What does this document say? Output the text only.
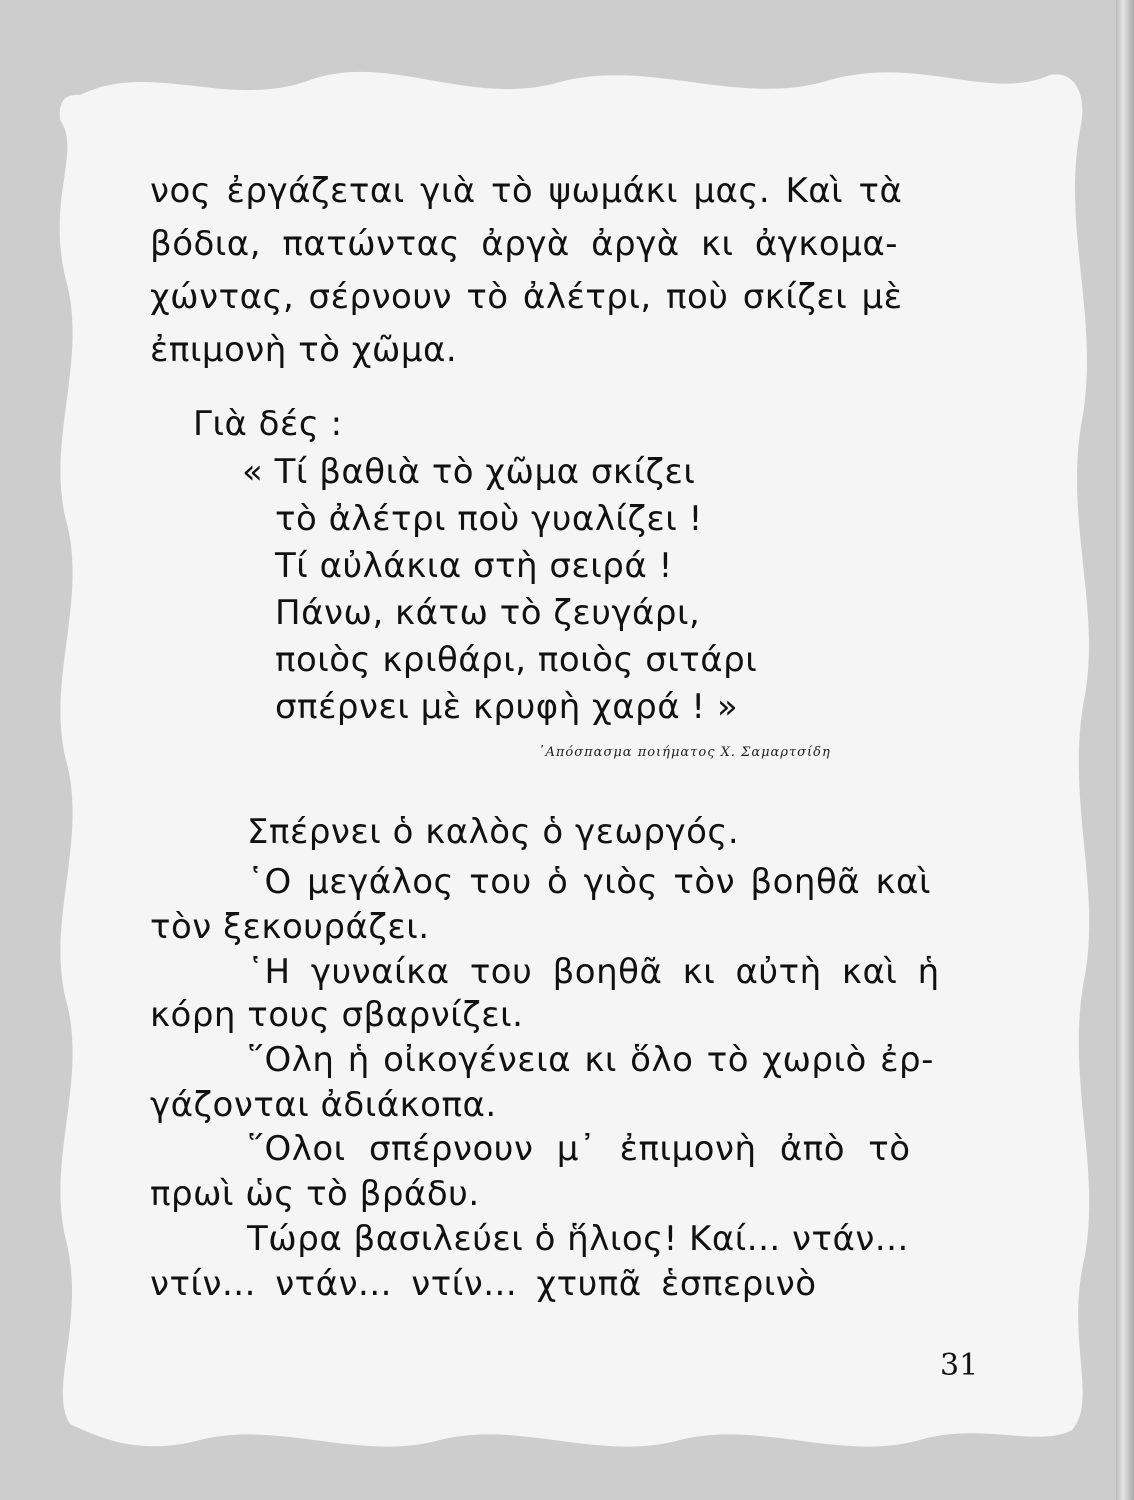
νος ἐργάζεται γιὰ τὸ ψωμάκι μας. Καὶ τὰ
βόδια, πατώντας ἀργὰ ἀργὰ κι ἀγκομα-
χώντας, σέρνουν τὸ ἀλέτρι, ποὺ σκίζει μὲ
ἐπιμονὴ τὸ χῶμα.
Γιὰ δές :
« Τί βαθιὰ τὸ χῶμα σκίζει
τὸ ἀλέτρι ποὺ γυαλίζει !
Τί αὐλάκια στὴ σειρά !
Πάνω, κάτω τὸ ζευγάρι,
ποιὸς κριθάρι, ποιὸς σιτάρι
σπέρνει μὲ κρυφὴ χαρά ! »
᾿Απόσπασμα ποιήματος Χ. Σαμαρτσίδη
Σπέρνει ὁ καλὸς ὁ γεωργός.
῾Ο μεγάλος του ὁ γιὸς τὸν βοηθᾶ καὶ
τὸν ξεκουράζει.
῾Η γυναίκα του βοηθᾶ κι αὐτὴ καὶ ἡ
κόρη τους σβαρνίζει.
῞Ολη ἡ οἰκογένεια κι ὅλο τὸ χωριὸ ἐρ-
γάζονται ἀδιάκοπα.
῞Ολοι σπέρνουν μ᾿ ἐπιμονὴ ἀπὸ τὸ
πρωὶ ὡς τὸ βράδυ.
Τώρα βασιλεύει ὁ ἥλιος! Καί... ντάν...
ντίν... ντάν... ντίν... χτυπᾶ ἑσπερινὸ
31
